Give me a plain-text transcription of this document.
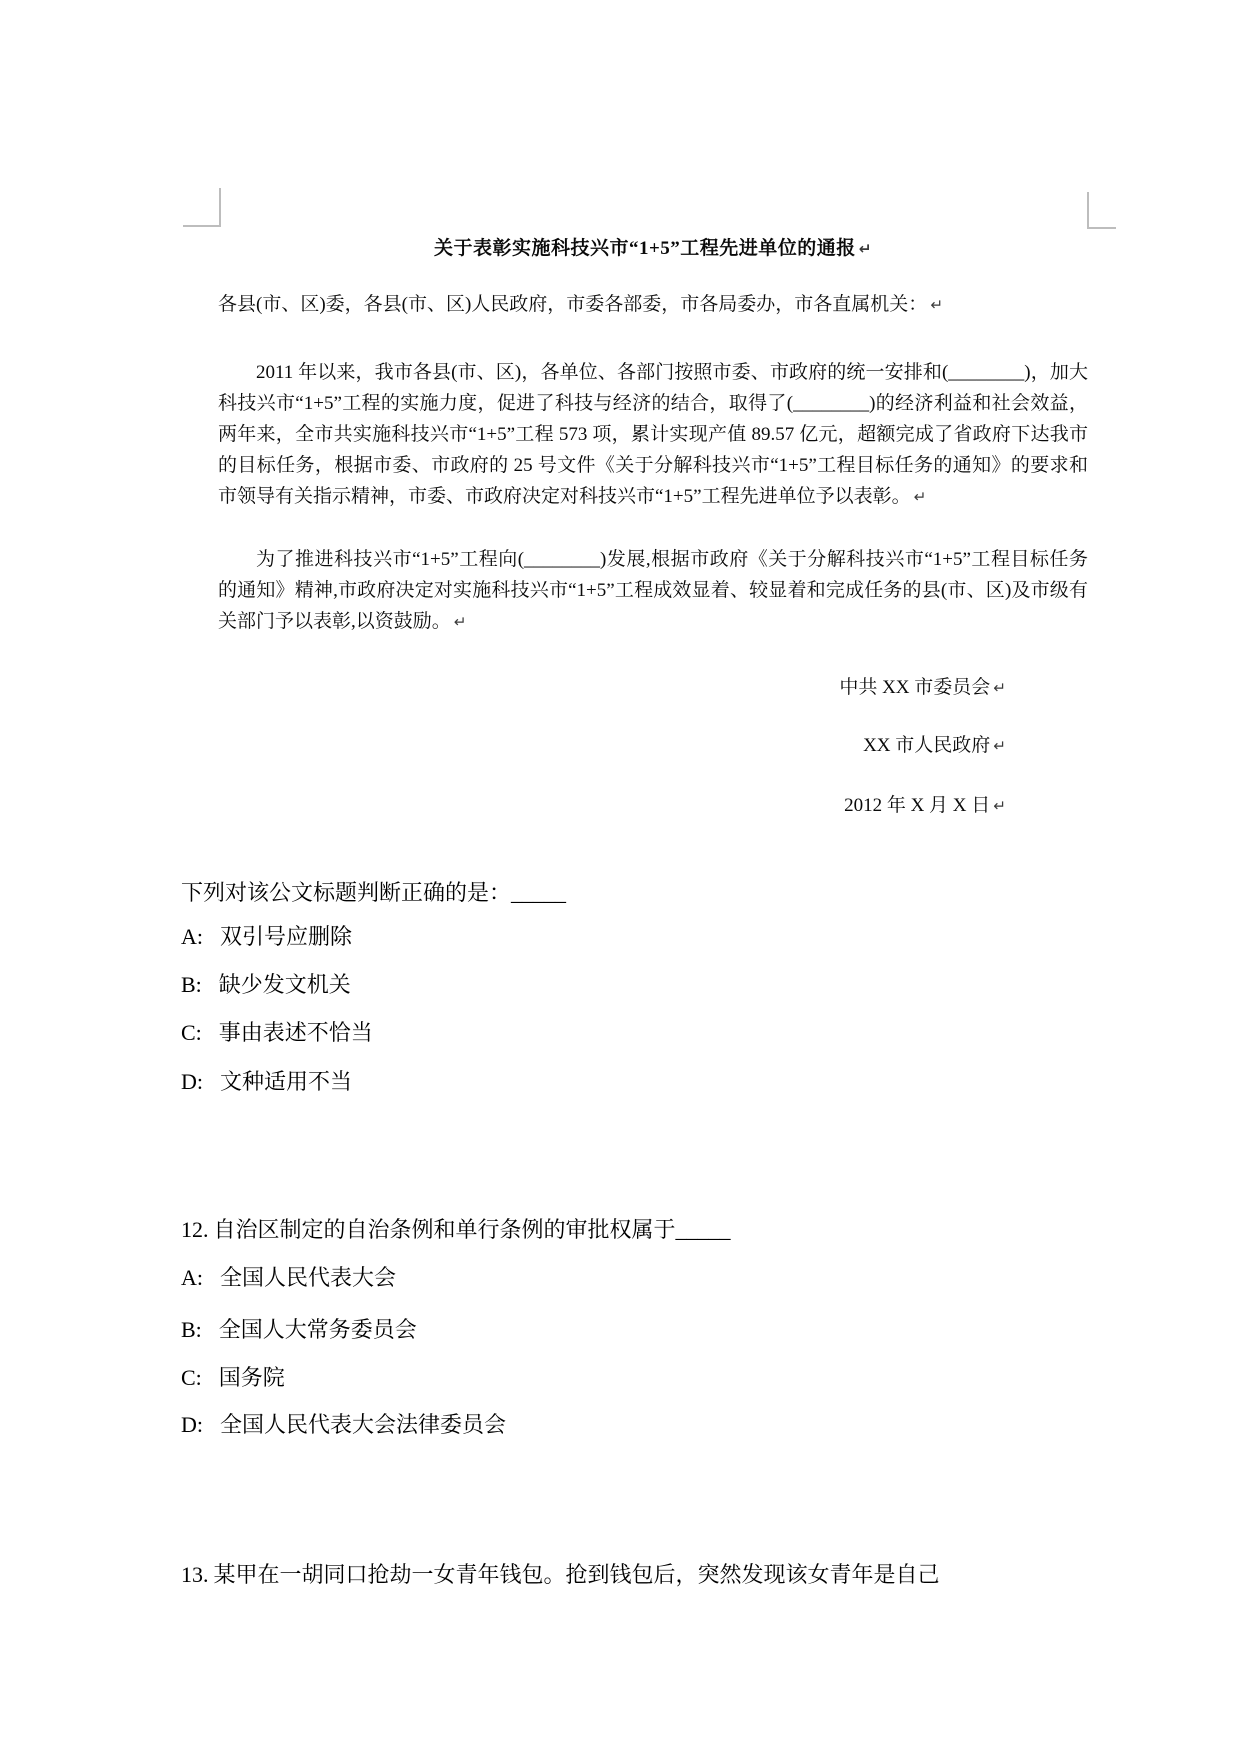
关于表彰实施科技兴市“1+5”工程先进单位的通报 ↵
各县(市、区)委，各县(市、区)人民政府，市委各部委，市各局委办，市各直属机关： ↵
2011 年以来，我市各县(市、区)，各单位、各部门按照市委、市政府的统一安排和(________)，加大科技兴市“1+5”工程的实施力度，促进了科技与经济的结合，取得了(________)的经济利益和社会效益，两年来，全市共实施科技兴市“1+5”工程 573 项，累计实现产值 89.57 亿元，超额完成了省政府下达我市的目标任务，根据市委、市政府的 25 号文件《关于分解科技兴市“1+5”工程目标任务的通知》的要求和市领导有关指示精神，市委、市政府决定对科技兴市“1+5”工程先进单位予以表彰。 ↵
为了推进科技兴市“1+5”工程向(________)发展,根据市政府《关于分解科技兴市“1+5”工程目标任务的通知》精神,市政府决定对实施科技兴市“1+5”工程成效显着、较显着和完成任务的县(市、区)及市级有关部门予以表彰,以资鼓励。 ↵
中共 XX 市委员会 ↵
XX 市人民政府 ↵
2012 年 X 月 X 日 ↵
下列对该公文标题判断正确的是：_____
A: 双引号应删除
B: 缺少发文机关
C: 事由表述不恰当
D: 文种适用不当
12. 自治区制定的自治条例和单行条例的审批权属于_____
A: 全国人民代表大会
B: 全国人大常务委员会
C: 国务院
D: 全国人民代表大会法律委员会
13. 某甲在一胡同口抢劫一女青年钱包。抢到钱包后，突然发现该女青年是自己
